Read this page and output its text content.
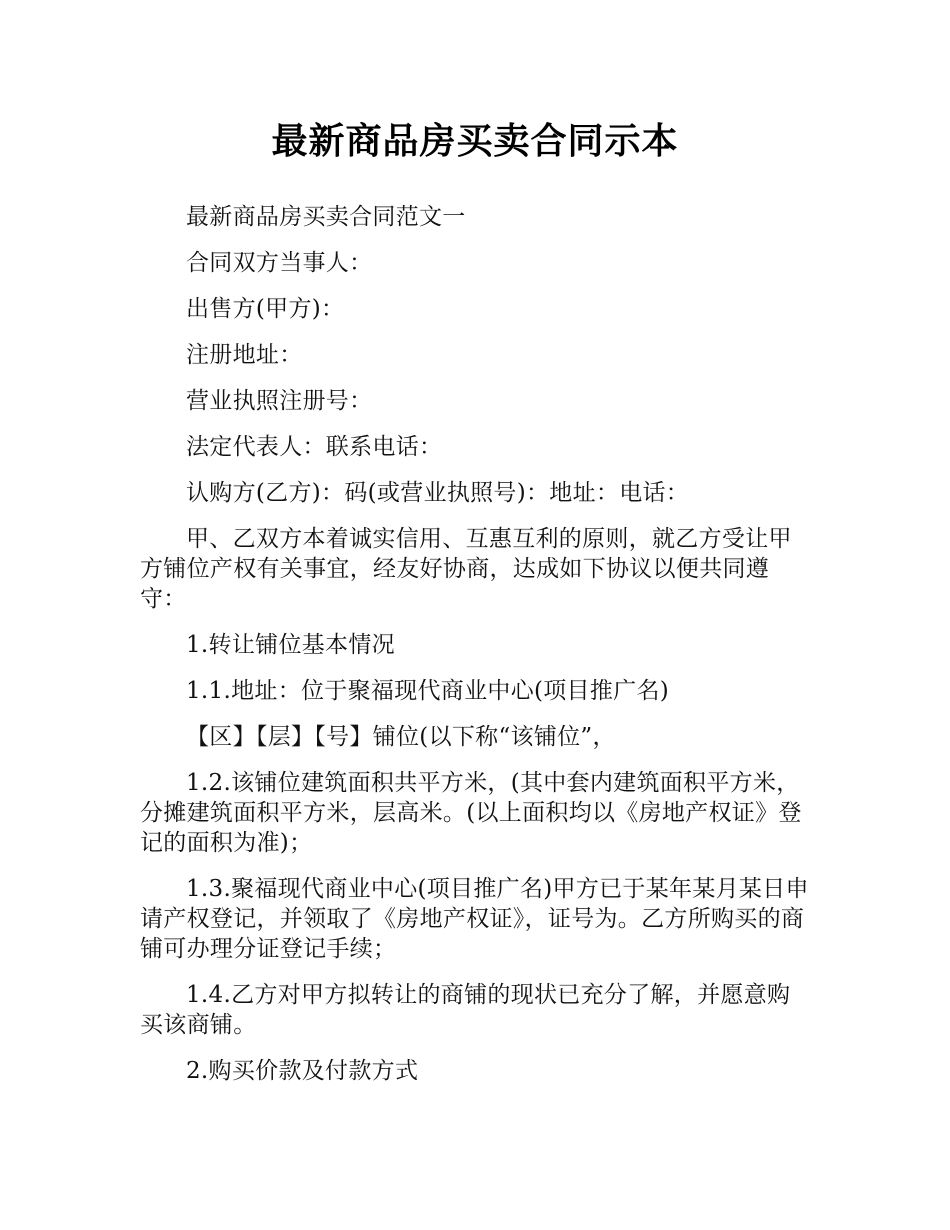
最新商品房买卖合同示本

最新商品房买卖合同范文一

合同双方当事人：

出售方(甲方)：

注册地址：

营业执照注册号：

法定代表人：联系电话：

认购方(乙方)：码(或营业执照号)：地址：电话：

甲、乙双方本着诚实信用、互惠互利的原则，就乙方受让甲方铺位产权有关事宜，经友好协商，达成如下协议以便共同遵守：

1.转让铺位基本情况

1.1.地址：位于聚福现代商业中心(项目推广名)

【区】【层】【号】铺位(以下称“该铺位”，

1.2.该铺位建筑面积共平方米，(其中套内建筑面积平方米，分摊建筑面积平方米，层高米。(以上面积均以《房地产权证》登记的面积为准)；

1.3.聚福现代商业中心(项目推广名)甲方已于某年某月某日申请产权登记，并领取了《房地产权证》，证号为。乙方所购买的商铺可办理分证登记手续；

1.4.乙方对甲方拟转让的商铺的现状已充分了解，并愿意购买该商铺。

2.购买价款及付款方式
